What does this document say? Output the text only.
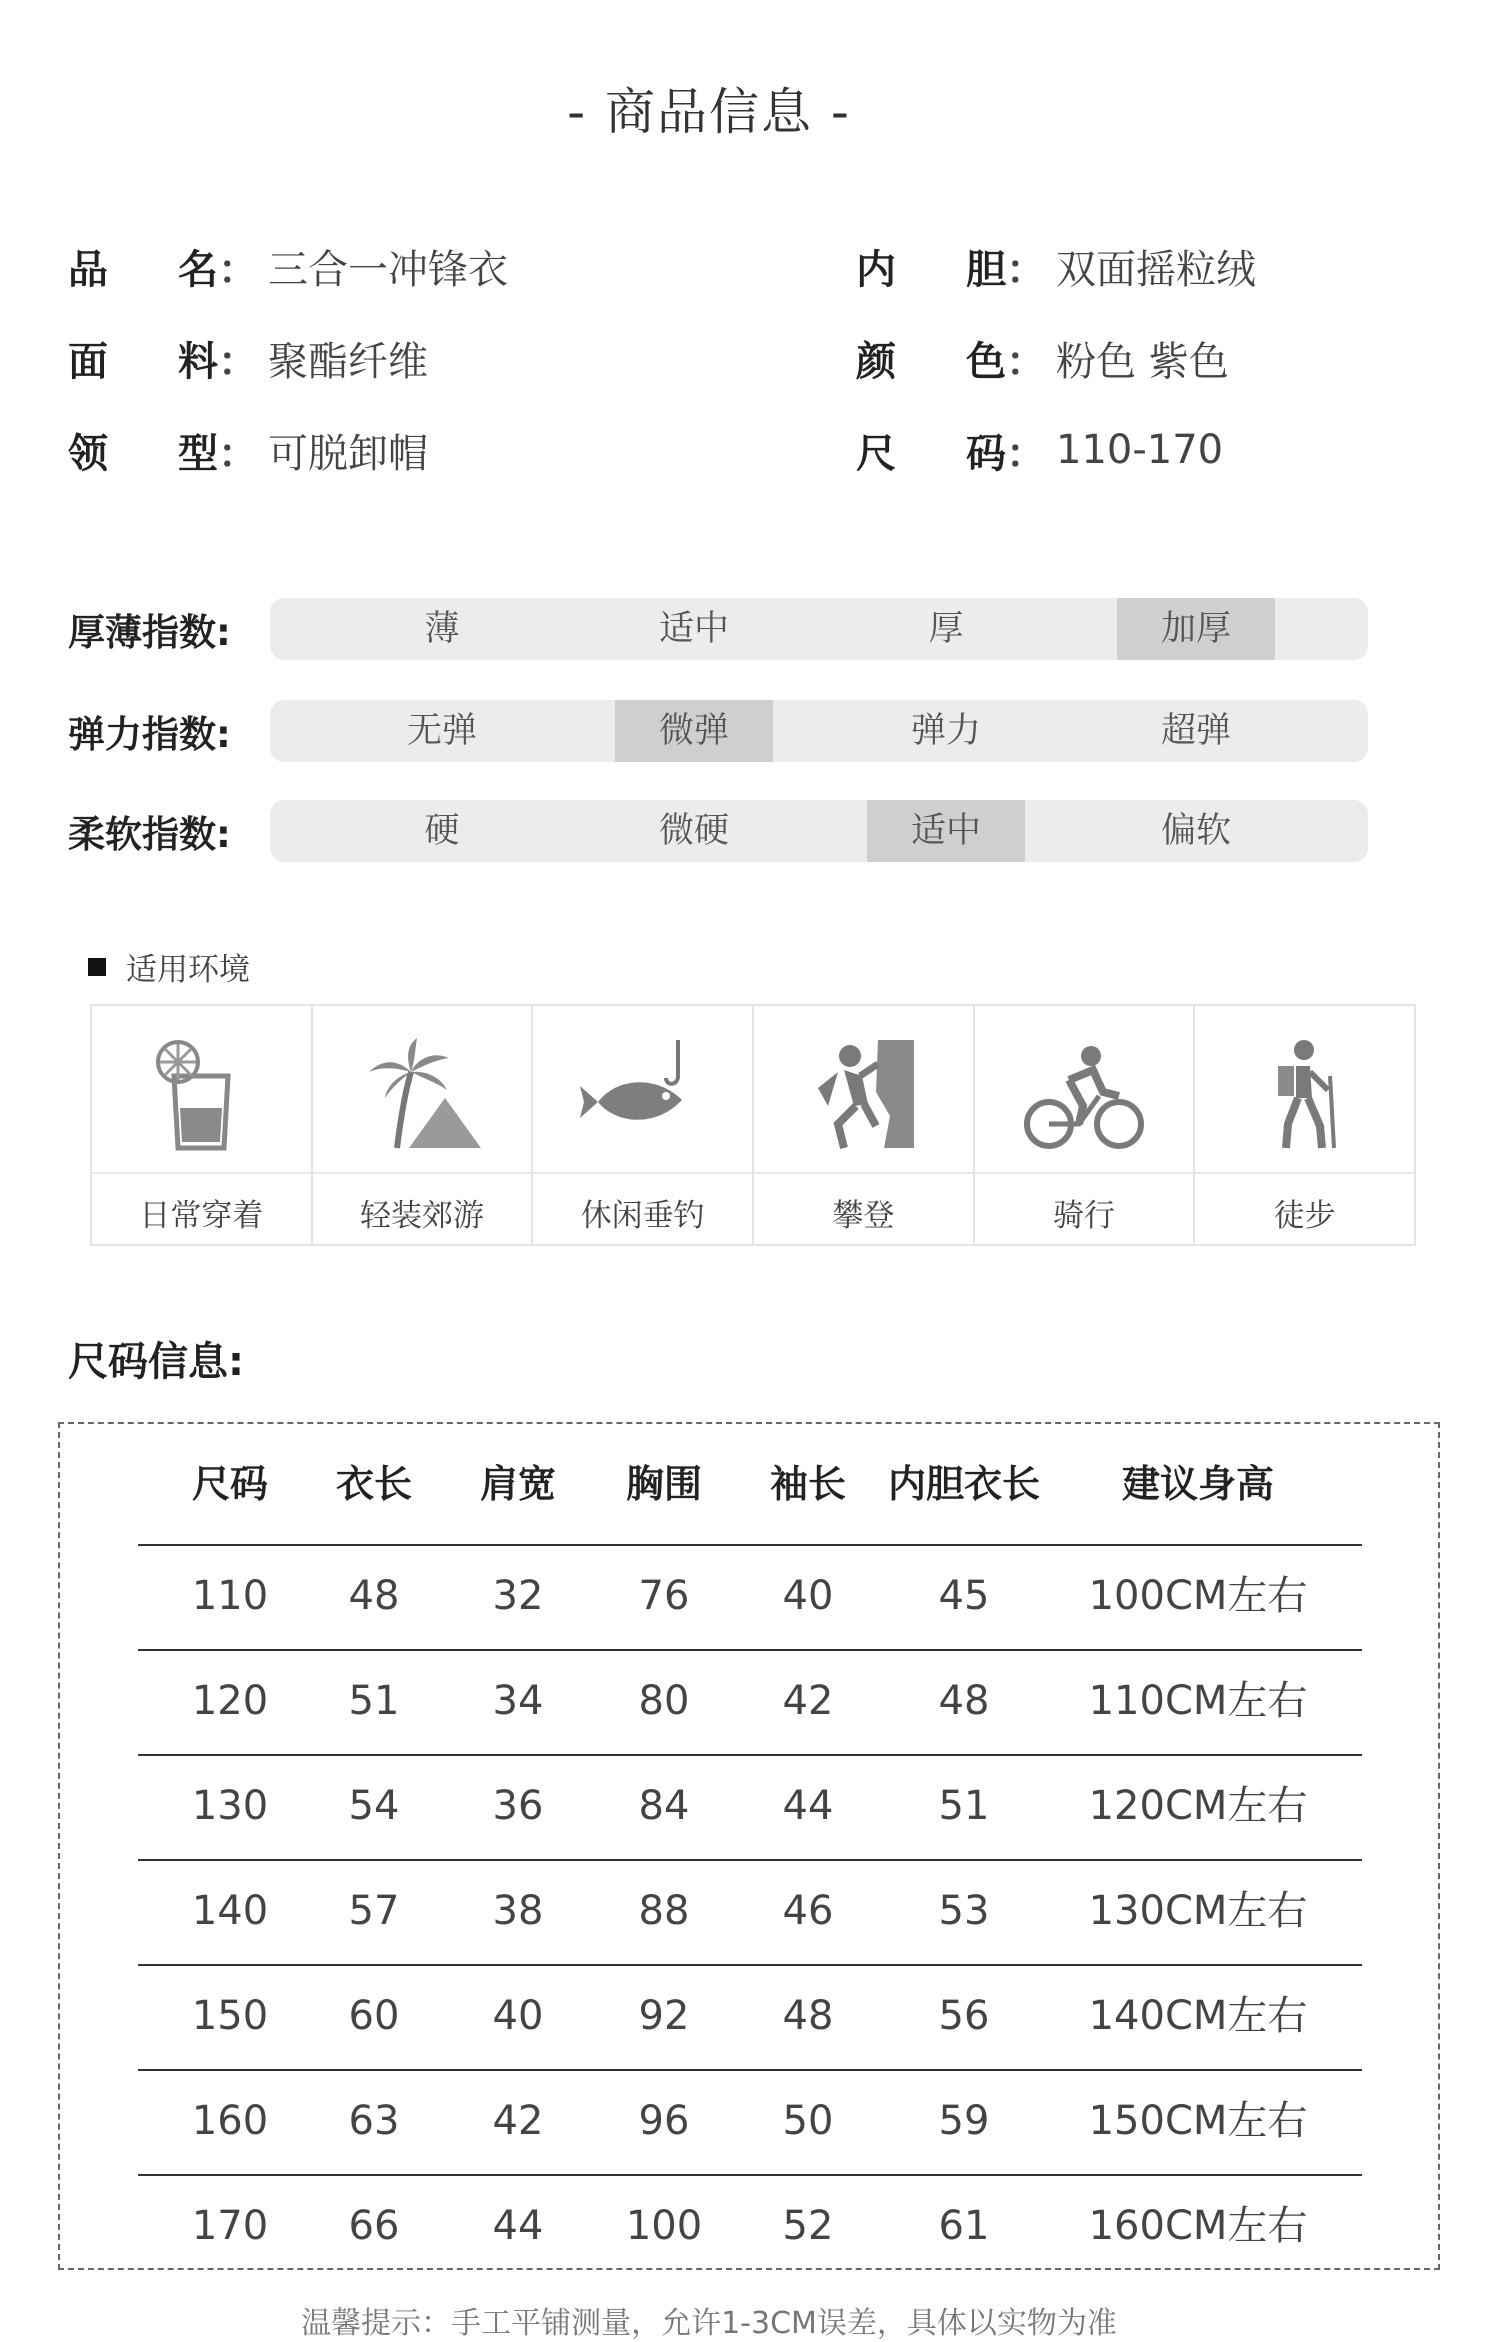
- 商品信息 -
品 名 ： 三合一冲锋衣	内 胆 ： 双面摇粒绒
面 料 ： 聚酯纤维	颜 色 ： 粉色 紫色
领 型 ： 可脱卸帽	尺 码 ： 110-170
厚薄指数:	薄	适中	厚	加厚
弹力指数:	无弹	微弹	弹力	超弹
柔软指数:	硬	微硬	适中	偏软
适用环境
日常穿着	轻装郊游	休闲垂钓	攀登	骑行	徒步
尺码信息:
尺码	衣长	肩宽	胸围	袖长	内胆衣长	建议身高
110	48	32	76	40	45	100CM左右
120	51	34	80	42	48	110CM左右
130	54	36	84	44	51	120CM左右
140	57	38	88	46	53	130CM左右
150	60	40	92	48	56	140CM左右
160	63	42	96	50	59	150CM左右
170	66	44	100	52	61	160CM左右
温馨提示：手工平铺测量，允许1-3CM误差，具体以实物为准
